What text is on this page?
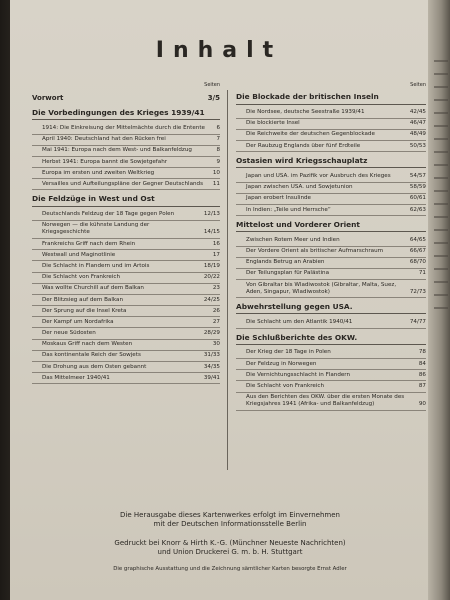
Inhalt
Seiten
Vorwort	3/5
Die Vorbedingungen des Krieges 1939/41
1914: Die Einkreisung der Mittelmächte durch die Entente	6
April 1940: Deutschland hat den Rücken frei	7
Mai 1941: Europa nach dem West- und Balkanfeldzug	8
Herbst 1941: Europa bannt die Sowjetgefahr	9
Europa im ersten und zweiten Weltkrieg	10
Versailles und Aufteilungspläne der Gegner Deutschlands	11
Die Feldzüge in West und Ost
Deutschlands Feldzug der 18 Tage gegen Polen	12/13
Norwegen — die kühnste Landung der Kriegsgeschichte	14/15
Frankreichs Griff nach dem Rhein	16
Westwall und Maginotlinie	17
Die Schlacht in Flandern und im Artois	18/19
Die Schlacht von Frankreich	20/22
Was wollte Churchill auf dem Balkan	23
Der Blitzsieg auf dem Balkan	24/25
Der Sprung auf die Insel Kreta	26
Der Kampf um Nordafrika	27
Der neue Südosten	28/29
Moskaus Griff nach dem Westen	30
Das kontinentale Reich der Sowjets	31/33
Die Drohung aus dem Osten gebannt	34/35
Das Mittelmeer 1940/41	39/41
Seiten
Die Blockade der britischen Inseln
Die Nordsee, deutsche Seestraße 1939/41	42/45
Die blockierte Insel	46/47
Die Reichweite der deutschen Gegenblockade	48/49
Der Raubzug Englands über fünf Erdteile	50/53
Ostasien wird Kriegsschauplatz
Japan und USA. im Pazifik vor Ausbruch des Krieges	54/57
Japan zwischen USA. und Sowjetunion	58/59
Japan erobert Insulinde	60/61
In Indien: „Teile und Herrsche“	62/63
Mittelost und Vorderer Orient
Zwischen Rotem Meer und Indien	64/65
Der Vordere Orient als britischer Aufmarschraum	66/67
Englands Betrug an Arabien	68/70
Der Teilungsplan für Palästina	71
Von Gibraltar bis Wladiwostok (Gibraltar, Malta, Suez, Aden, Singapur, Wladiwostok)	72/73
Abwehrstellung gegen USA.
Die Schlacht um den Atlantik 1940/41	74/77
Die Schlußberichte des OKW.
Der Krieg der 18 Tage in Polen	78
Der Feldzug in Norwegen	84
Die Vernichtungsschlacht in Flandern	86
Die Schlacht von Frankreich	87
Aus den Berichten des OKW. über die ersten Monate des Kriegsjahres 1941 (Afrika- und Balkanfeldzug)	90
Die Herausgabe dieses Kartenwerkes erfolgt im Einvernehmen
mit der Deutschen Informationsstelle Berlin
Gedruckt bei Knorr & Hirth K.-G. (Münchner Neueste Nachrichten)
und Union Druckerei G. m. b. H. Stuttgart
Die graphische Ausstattung und die Zeichnung sämtlicher Karten besorgte Ernst Adler
